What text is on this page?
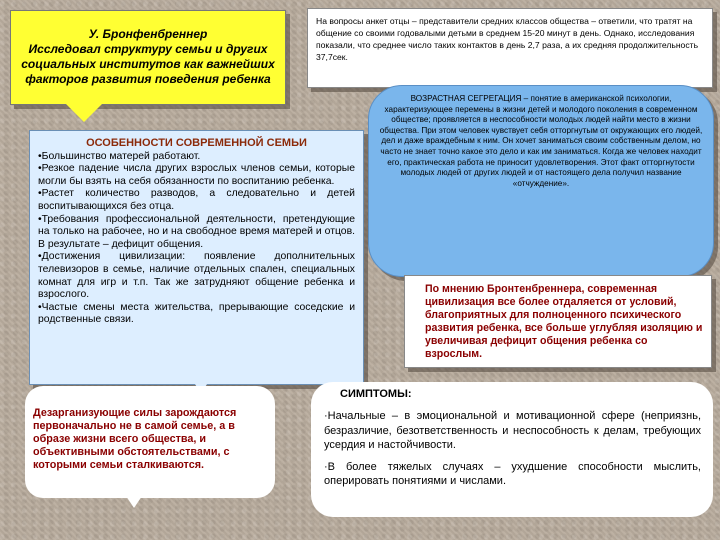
У. Бронфенбреннер
Исследовал структуру семьи и других социальных институтов как важнейших факторов развития поведения ребенка
На вопросы анкет отцы – представители средних классов общества – ответили, что тратят на общение со своими годовалыми детьми в среднем 15-20 минут в день. Однако, исследования показали, что среднее число таких контактов в день 2,7 раза, а их средняя продолжительность 37,7сек.
ВОЗРАСТНАЯ СЕГРЕГАЦИЯ – понятие в американской психологии, характеризующее перемены в жизни детей и молодого поколения в современном обществе; проявляется в неспособности молодых людей найти место в жизни общества. При этом человек чувствует себя отторгнутым от окружающих его людей, дел и даже враждебным к ним. Он хочет заниматься своим собственным делом, но часто не знает точно какое это дело и как им заниматься. Когда же человек находит его, практическая работа не приносит удовлетворения. Этот факт отторгнутости молодых людей от других людей и от настоящего дела получил название «отчуждение».
ОСОБЕННОСТИ СОВРЕМЕННОЙ СЕМЬИ
•Большинство матерей работают.
•Резкое падение числа других взрослых членов семьи, которые могли бы взять на себя обязанности по воспитанию ребенка.
•Растет количество разводов, а следовательно и детей воспитывающихся без отца.
•Требования профессиональной деятельности, претендующие на только на рабочее, но и на свободное время матерей и отцов. В результате – дефицит общения.
•Достижения цивилизации: появление дополнительных телевизоров в семье, наличие отдельных спален, специальных комнат для игр и т.п. Так же затрудняют общение ребенка и взрослого.
•Частые смены места жительства, прерывающие соседские и родственные связи.
По мнению Бронтенбреннера, современная цивилизация все более отдаляется от условий, благоприятных для полноценного психического развития ребенка, все больше углубляя изоляцию и увеличивая дефицит общения ребенка со взрослым.
Дезарганизующие силы зарождаются первоначально не в самой семье, а в образе жизни всего общества, и объективными обстоятельствами, с которыми семьи сталкиваются.
СИМПТОМЫ:
·Начальные – в эмоциональной и мотивационной сфере (неприязнь, безразличие, безответственность и неспособность к делам, требующих усердия и настойчивости.
·В более тяжелых случаях – ухудшение способности мыслить, оперировать понятиями и числами.
